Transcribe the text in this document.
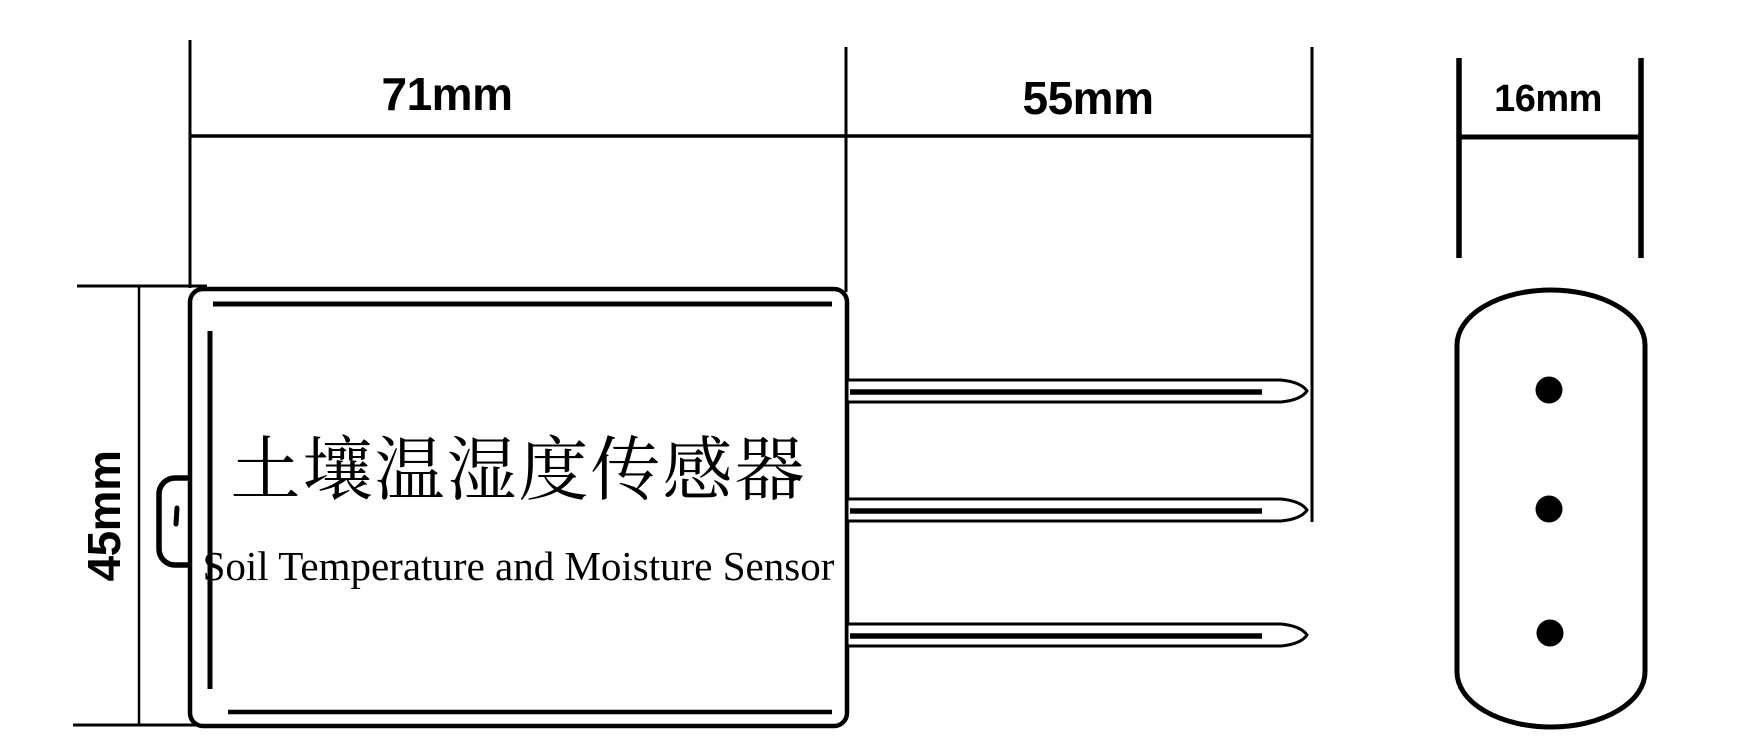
71mm	55mm	16mm
45mm	土壤温湿度传感器
Soil Temperature and Moisture Sensor
